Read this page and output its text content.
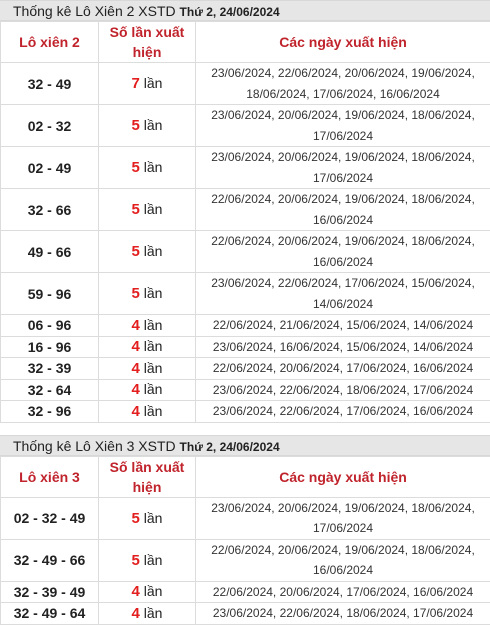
Thống kê Lô Xiên 2 XSTD Thứ 2, 24/06/2024
Lô xiên 2	Số lần xuất hiện	Các ngày xuất hiện
32 - 49	7 lần	23/06/2024, 22/06/2024, 20/06/2024, 19/06/2024, 18/06/2024, 17/06/2024, 16/06/2024
02 - 32	5 lần	23/06/2024, 20/06/2024, 19/06/2024, 18/06/2024, 17/06/2024
02 - 49	5 lần	23/06/2024, 20/06/2024, 19/06/2024, 18/06/2024, 17/06/2024
32 - 66	5 lần	22/06/2024, 20/06/2024, 19/06/2024, 18/06/2024, 16/06/2024
49 - 66	5 lần	22/06/2024, 20/06/2024, 19/06/2024, 18/06/2024, 16/06/2024
59 - 96	5 lần	23/06/2024, 22/06/2024, 17/06/2024, 15/06/2024, 14/06/2024
06 - 96	4 lần	22/06/2024, 21/06/2024, 15/06/2024, 14/06/2024
16 - 96	4 lần	23/06/2024, 16/06/2024, 15/06/2024, 14/06/2024
32 - 39	4 lần	22/06/2024, 20/06/2024, 17/06/2024, 16/06/2024
32 - 64	4 lần	23/06/2024, 22/06/2024, 18/06/2024, 17/06/2024
32 - 96	4 lần	23/06/2024, 22/06/2024, 17/06/2024, 16/06/2024
Thống kê Lô Xiên 3 XSTD Thứ 2, 24/06/2024
Lô xiên 3	Số lần xuất hiện	Các ngày xuất hiện
02 - 32 - 49	5 lần	23/06/2024, 20/06/2024, 19/06/2024, 18/06/2024, 17/06/2024
32 - 49 - 66	5 lần	22/06/2024, 20/06/2024, 19/06/2024, 18/06/2024, 16/06/2024
32 - 39 - 49	4 lần	22/06/2024, 20/06/2024, 17/06/2024, 16/06/2024
32 - 49 - 64	4 lần	23/06/2024, 22/06/2024, 18/06/2024, 17/06/2024
